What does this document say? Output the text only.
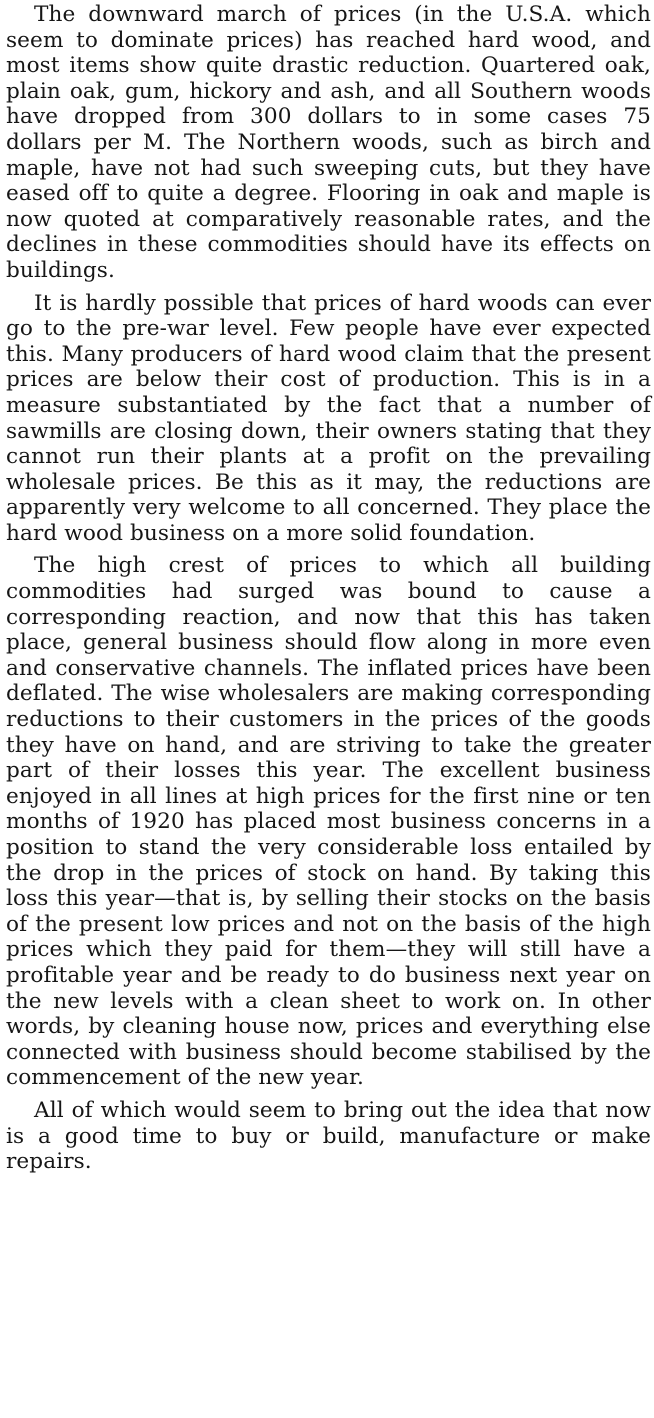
The downward march of prices (in the U.S.A. which seem to dominate prices) has reached hard wood, and most items show quite drastic reduction. Quartered oak, plain oak, gum, hickory and ash, and all Southern woods have dropped from 300 dollars to in some cases 75 dollars per M. The Northern woods, such as birch and maple, have not had such sweeping cuts, but they have eased off to quite a degree. Flooring in oak and maple is now quoted at comparatively reasonable rates, and the declines in these commodities should have its effects on buildings.

It is hardly possible that prices of hard woods can ever go to the pre-war level. Few people have ever expected this. Many producers of hard wood claim that the present prices are below their cost of production. This is in a measure substantiated by the fact that a number of sawmills are closing down, their owners stating that they cannot run their plants at a profit on the prevailing wholesale prices. Be this as it may, the reductions are apparently very welcome to all concerned. They place the hard wood business on a more solid foundation.

The high crest of prices to which all building commodities had surged was bound to cause a corresponding reaction, and now that this has taken place, general business should flow along in more even and conservative channels. The inflated prices have been deflated. The wise wholesalers are making corresponding reductions to their customers in the prices of the goods they have on hand, and are striving to take the greater part of their losses this year. The excellent business enjoyed in all lines at high prices for the first nine or ten months of 1920 has placed most business concerns in a position to stand the very considerable loss entailed by the drop in the prices of stock on hand. By taking this loss this year—that is, by selling their stocks on the basis of the present low prices and not on the basis of the high prices which they paid for them—they will still have a profitable year and be ready to do business next year on the new levels with a clean sheet to work on. In other words, by cleaning house now, prices and everything else connected with business should become stabilised by the commencement of the new year.

All of which would seem to bring out the idea that now is a good time to buy or build, manufacture or make repairs.
